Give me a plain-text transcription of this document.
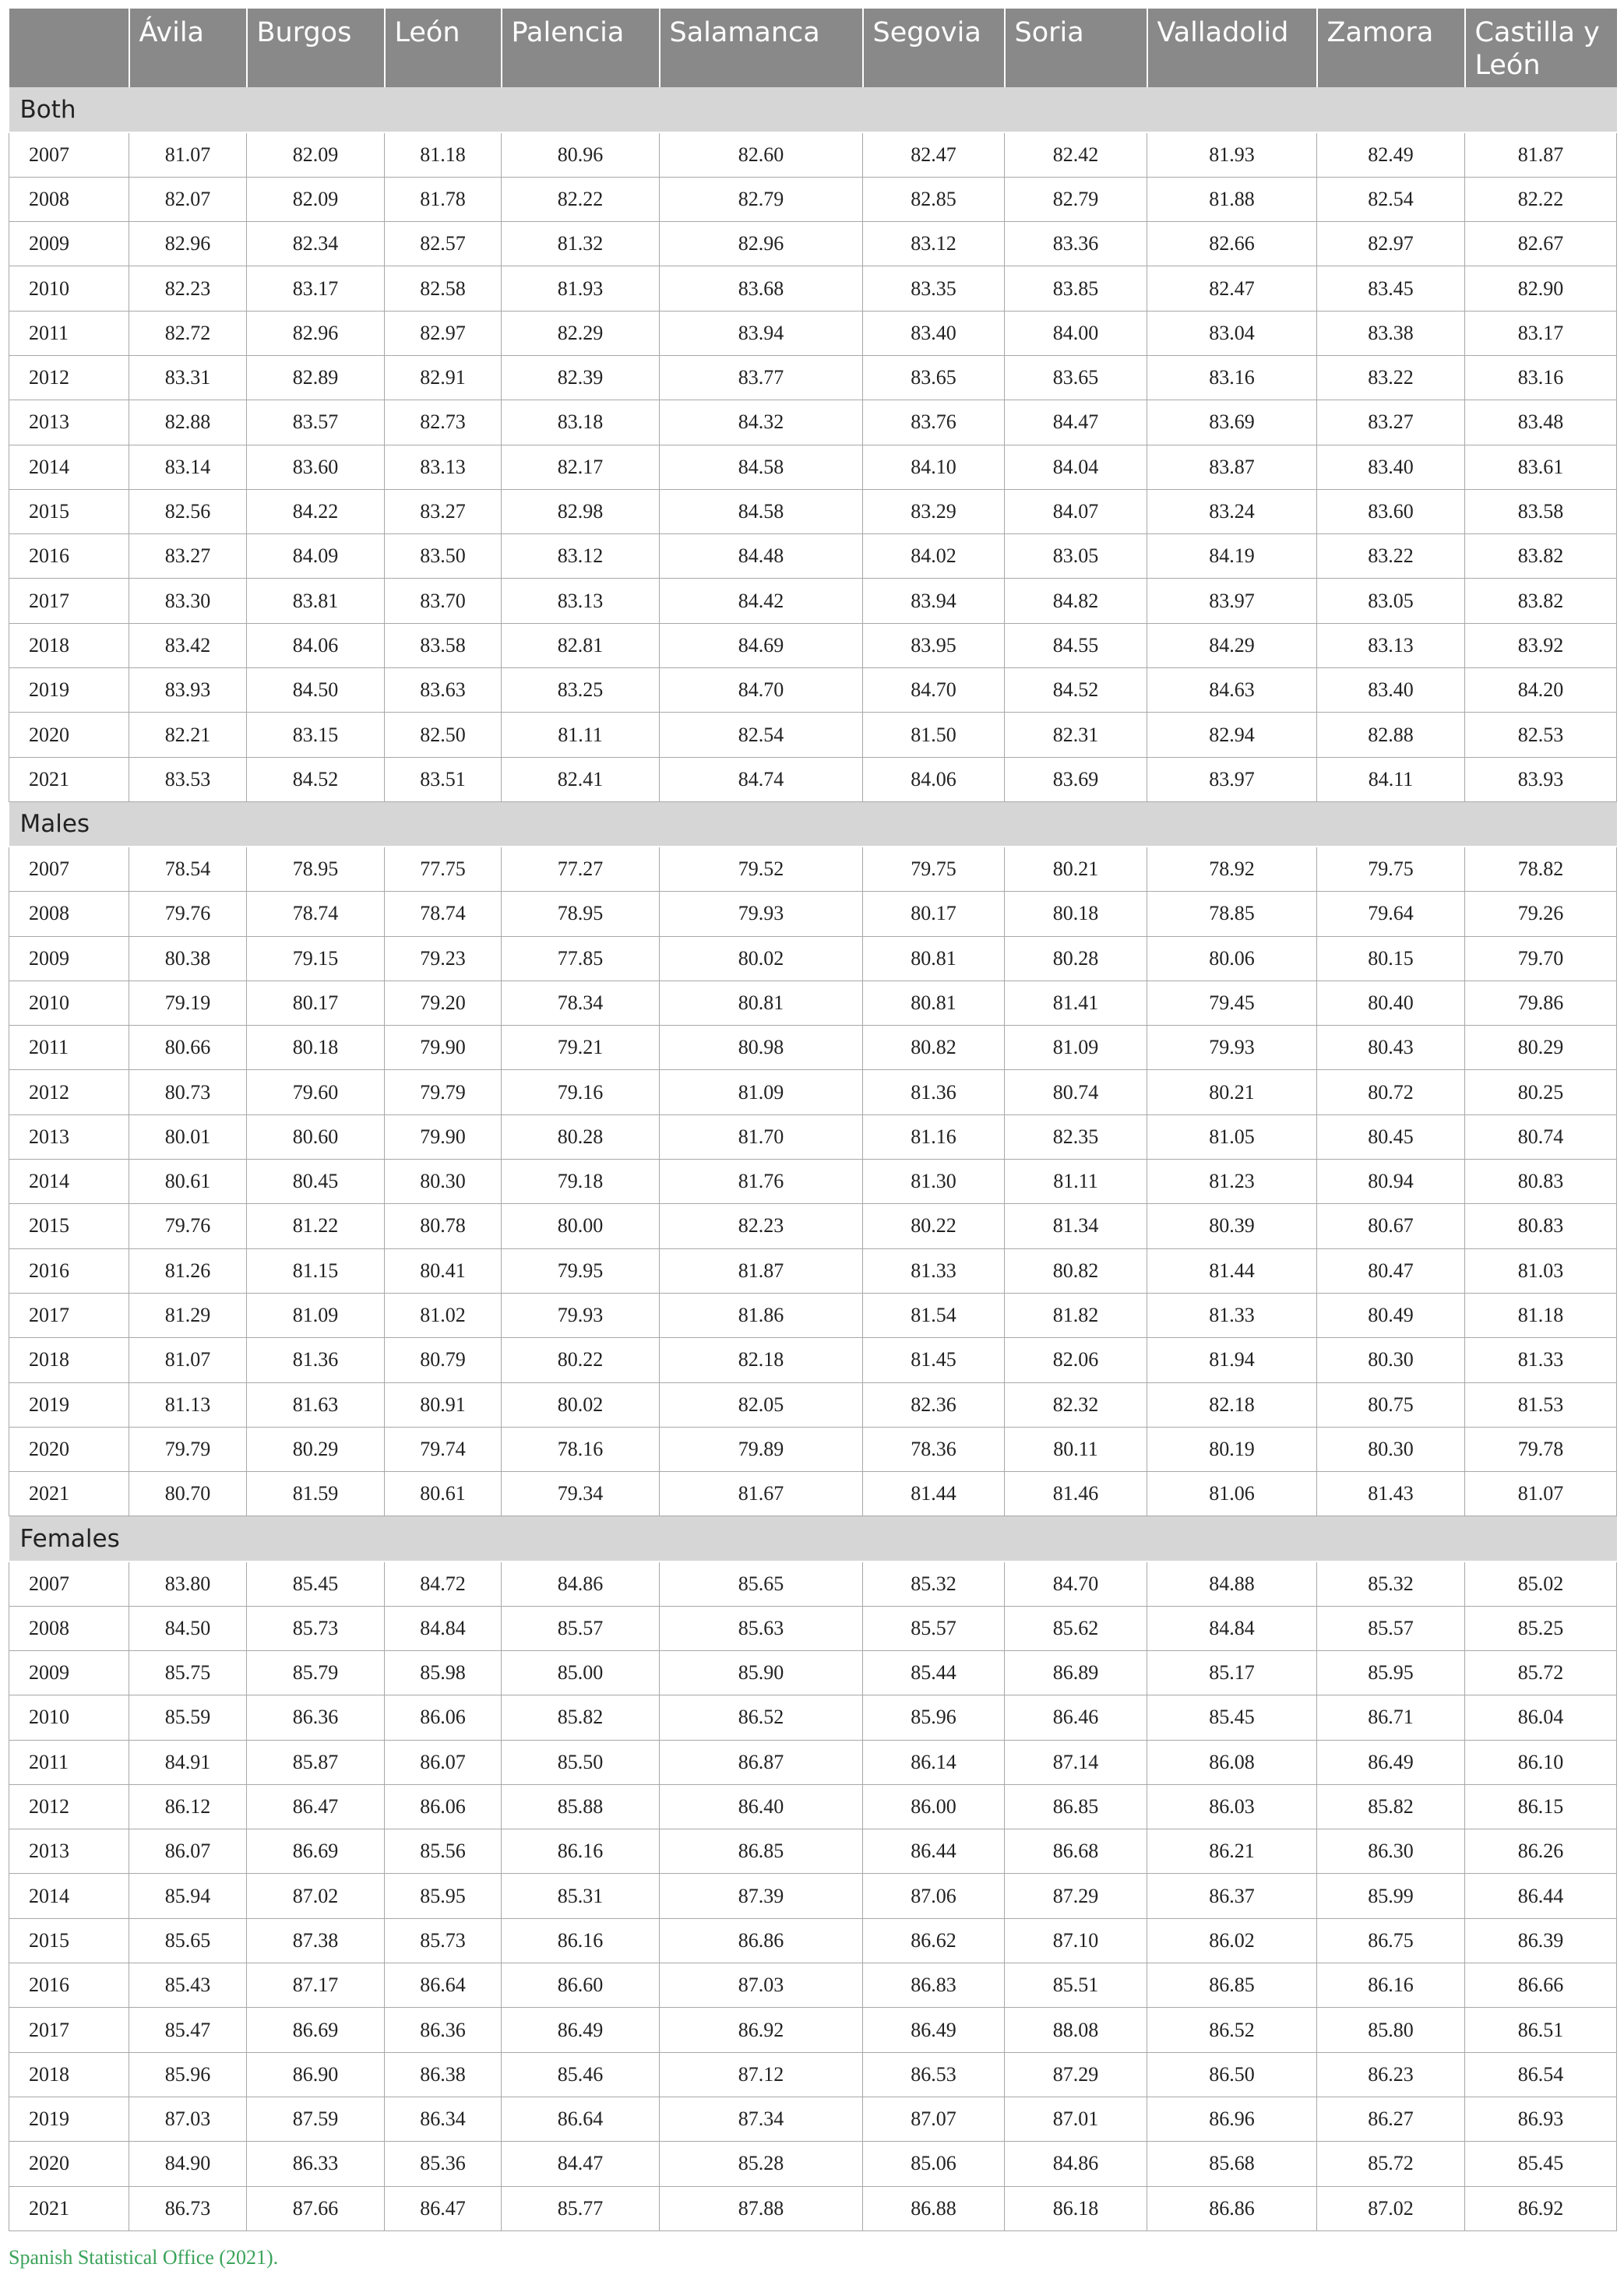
	Ávila	Burgos	León	Palencia	Salamanca	Segovia	Soria	Valladolid	Zamora	Castilla y León
Both										
2007	81.07	82.09	81.18	80.96	82.60	82.47	82.42	81.93	82.49	81.87
2008	82.07	82.09	81.78	82.22	82.79	82.85	82.79	81.88	82.54	82.22
2009	82.96	82.34	82.57	81.32	82.96	83.12	83.36	82.66	82.97	82.67
2010	82.23	83.17	82.58	81.93	83.68	83.35	83.85	82.47	83.45	82.90
2011	82.72	82.96	82.97	82.29	83.94	83.40	84.00	83.04	83.38	83.17
2012	83.31	82.89	82.91	82.39	83.77	83.65	83.65	83.16	83.22	83.16
2013	82.88	83.57	82.73	83.18	84.32	83.76	84.47	83.69	83.27	83.48
2014	83.14	83.60	83.13	82.17	84.58	84.10	84.04	83.87	83.40	83.61
2015	82.56	84.22	83.27	82.98	84.58	83.29	84.07	83.24	83.60	83.58
2016	83.27	84.09	83.50	83.12	84.48	84.02	83.05	84.19	83.22	83.82
2017	83.30	83.81	83.70	83.13	84.42	83.94	84.82	83.97	83.05	83.82
2018	83.42	84.06	83.58	82.81	84.69	83.95	84.55	84.29	83.13	83.92
2019	83.93	84.50	83.63	83.25	84.70	84.70	84.52	84.63	83.40	84.20
2020	82.21	83.15	82.50	81.11	82.54	81.50	82.31	82.94	82.88	82.53
2021	83.53	84.52	83.51	82.41	84.74	84.06	83.69	83.97	84.11	83.93
Males										
2007	78.54	78.95	77.75	77.27	79.52	79.75	80.21	78.92	79.75	78.82
2008	79.76	78.74	78.74	78.95	79.93	80.17	80.18	78.85	79.64	79.26
2009	80.38	79.15	79.23	77.85	80.02	80.81	80.28	80.06	80.15	79.70
2010	79.19	80.17	79.20	78.34	80.81	80.81	81.41	79.45	80.40	79.86
2011	80.66	80.18	79.90	79.21	80.98	80.82	81.09	79.93	80.43	80.29
2012	80.73	79.60	79.79	79.16	81.09	81.36	80.74	80.21	80.72	80.25
2013	80.01	80.60	79.90	80.28	81.70	81.16	82.35	81.05	80.45	80.74
2014	80.61	80.45	80.30	79.18	81.76	81.30	81.11	81.23	80.94	80.83
2015	79.76	81.22	80.78	80.00	82.23	80.22	81.34	80.39	80.67	80.83
2016	81.26	81.15	80.41	79.95	81.87	81.33	80.82	81.44	80.47	81.03
2017	81.29	81.09	81.02	79.93	81.86	81.54	81.82	81.33	80.49	81.18
2018	81.07	81.36	80.79	80.22	82.18	81.45	82.06	81.94	80.30	81.33
2019	81.13	81.63	80.91	80.02	82.05	82.36	82.32	82.18	80.75	81.53
2020	79.79	80.29	79.74	78.16	79.89	78.36	80.11	80.19	80.30	79.78
2021	80.70	81.59	80.61	79.34	81.67	81.44	81.46	81.06	81.43	81.07
Females										
2007	83.80	85.45	84.72	84.86	85.65	85.32	84.70	84.88	85.32	85.02
2008	84.50	85.73	84.84	85.57	85.63	85.57	85.62	84.84	85.57	85.25
2009	85.75	85.79	85.98	85.00	85.90	85.44	86.89	85.17	85.95	85.72
2010	85.59	86.36	86.06	85.82	86.52	85.96	86.46	85.45	86.71	86.04
2011	84.91	85.87	86.07	85.50	86.87	86.14	87.14	86.08	86.49	86.10
2012	86.12	86.47	86.06	85.88	86.40	86.00	86.85	86.03	85.82	86.15
2013	86.07	86.69	85.56	86.16	86.85	86.44	86.68	86.21	86.30	86.26
2014	85.94	87.02	85.95	85.31	87.39	87.06	87.29	86.37	85.99	86.44
2015	85.65	87.38	85.73	86.16	86.86	86.62	87.10	86.02	86.75	86.39
2016	85.43	87.17	86.64	86.60	87.03	86.83	85.51	86.85	86.16	86.66
2017	85.47	86.69	86.36	86.49	86.92	86.49	88.08	86.52	85.80	86.51
2018	85.96	86.90	86.38	85.46	87.12	86.53	87.29	86.50	86.23	86.54
2019	87.03	87.59	86.34	86.64	87.34	87.07	87.01	86.96	86.27	86.93
2020	84.90	86.33	85.36	84.47	85.28	85.06	84.86	85.68	85.72	85.45
2021	86.73	87.66	86.47	85.77	87.88	86.88	86.18	86.86	87.02	86.92
Spanish Statistical Office (2021).
